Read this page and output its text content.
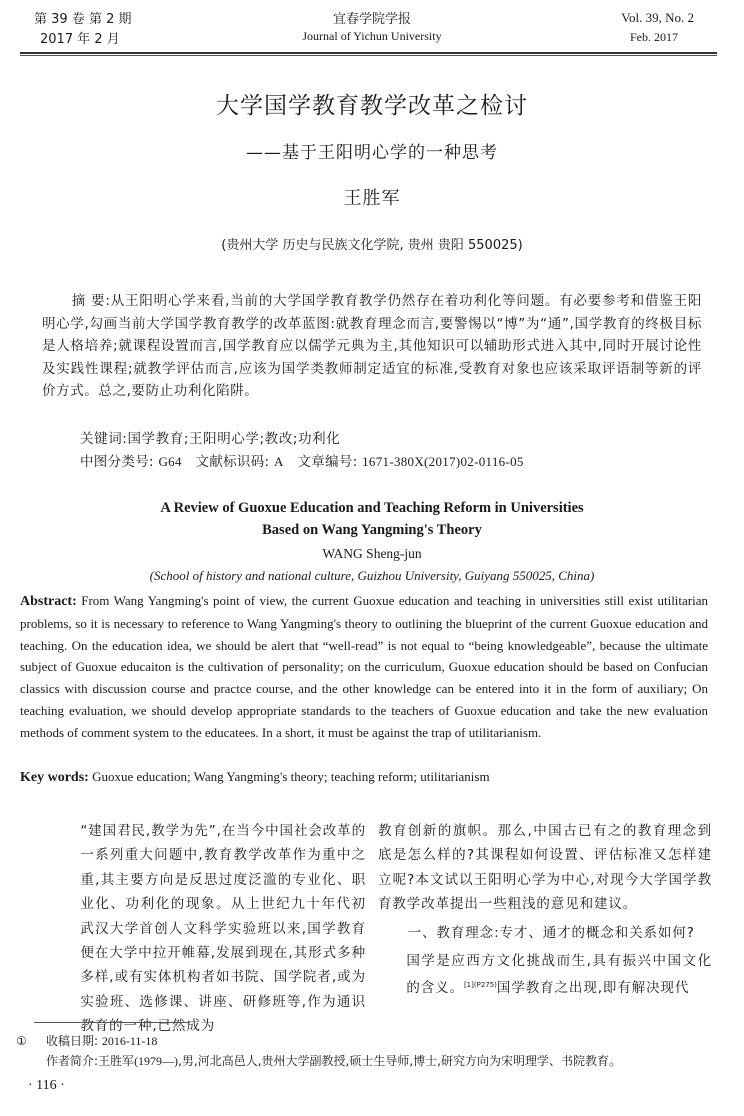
第 39 卷 第 2 期
2017 年 2 月
宜春学院学报
Journal of Yichun University
Vol. 39, No. 2
Feb. 2017
大学国学教育教学改革之检讨
——基于王阳明心学的一种思考
王胜军
(贵州大学 历史与民族文化学院, 贵州 贵阳 550025)
摘 要:从王阳明心学来看,当前的大学国学教育教学仍然存在着功利化等问题。有必要参考和借鉴王阳明心学,勾画当前大学国学教育教学的改革蓝图:就教育理念而言,要警惕以“博”为“通”,国学教育的终极目标是人格培养;就课程设置而言,国学教育应以儒学元典为主,其他知识可以辅助形式进入其中,同时开展讨论性及实践性课程;就教学评估而言,应该为国学类教师制定适宜的标准,受教育对象也应该采取评语制等新的评价方式。总之,要防止功利化陷阱。
关键词:国学教育;王阳明心学;教改;功利化
中图分类号: G64 文献标识码: A 文章编号: 1671-380X(2017)02-0116-05
A Review of Guoxue Education and Teaching Reform in Universities
Based on Wang Yangming's Theory
WANG Sheng-jun
(School of history and national culture, Guizhou University, Guiyang 550025, China)
Abstract: From Wang Yangming's point of view, the current Guoxue education and teaching in universities still exist utilitarian problems, so it is necessary to reference to Wang Yangming's theory to outlining the blueprint of the current Guoxue education and teaching. On the education idea, we should be alert that “well-read” is not equal to “being knowledgeable”, because the ultimate subject of Guoxue educaiton is the cultivation of personality; on the curriculum, Guoxue education should be based on Confucian classics with discussion course and practce course, and the other knowledge can be entered into it in the form of auxiliary; On teaching evaluation, we should develop appropriate standards to the teachers of Guoxue education and take the new evaluation methods of comment system to the educatees. In a short, it must be against the trap of utilitarianism.
Key words: Guoxue education; Wang Yangming's theory; teaching reform; utilitarianism
“建国君民,教学为先”,在当今中国社会改革的一系列重大问题中,教育教学改革作为重中之重,其主要方向是反思过度泛滥的专业化、职业化、功利化的现象。从上世纪九十年代初武汉大学首创人文科学实验班以来,国学教育便在大学中拉开帷幕,发展到现在,其形式多种多样,或有实体机构者如书院、国学院者,或为实验班、选修课、讲座、研修班等,作为通识教育的一种,已然成为
教育创新的旗帜。那么,中国古已有之的教育理念到底是怎么样的?其课程如何设置、评估标准又怎样建立呢?本文试以王阳明心学为中心,对现今大学国学教育教学改革提出一些粗浅的意见和建议。
一、教育理念:专才、通才的概念和关系如何?
国学是应西方文化挑战而生,具有振兴中国文化的含义。$^{[1](P275)}$国学教育之出现,即有解决现代
① 收稿日期: 2016-11-18
作者简介:王胜军(1979—),男,河北高邑人,贵州大学副教授,硕士生导师,博士,研究方向为宋明理学、书院教育。
· 116 ·
